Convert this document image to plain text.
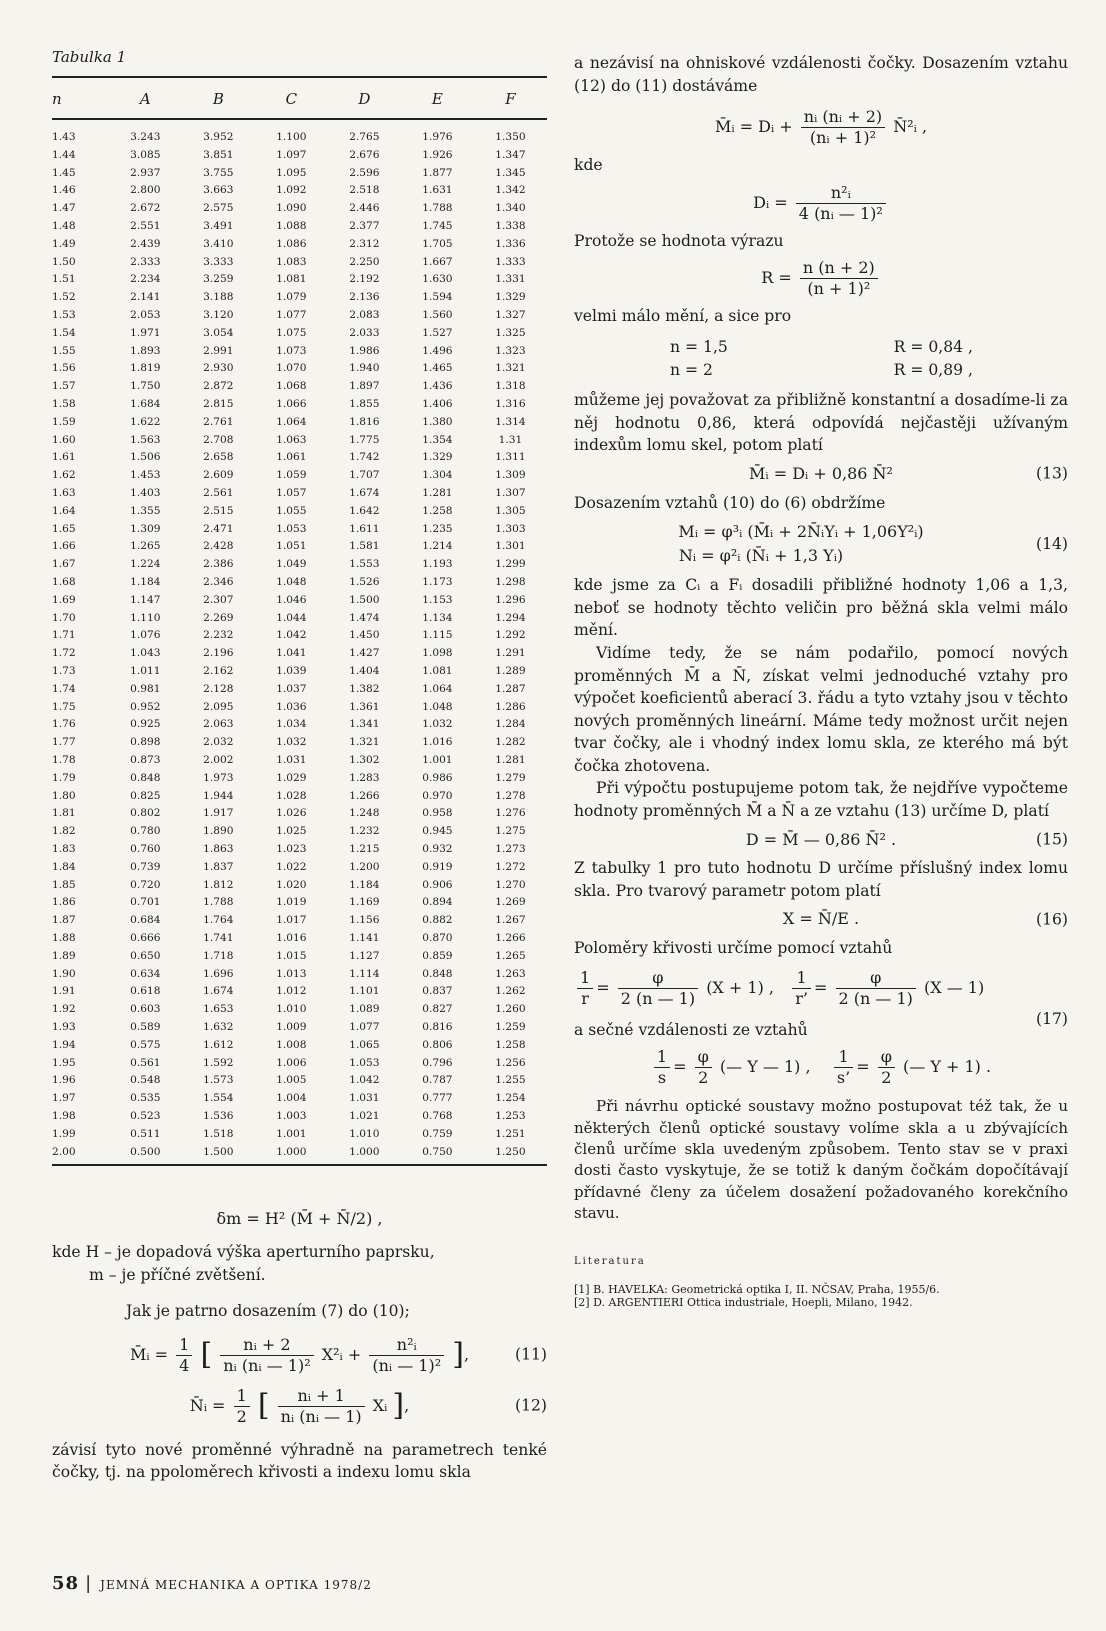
Tabulka 1
n	A	B	C	D	E	F
1.43	3.243	3.952	1.100	2.765	1.976	1.350
1.44	3.085	3.851	1.097	2.676	1.926	1.347
1.45	2.937	3.755	1.095	2.596	1.877	1.345
1.46	2.800	3.663	1.092	2.518	1.631	1.342
1.47	2.672	2.575	1.090	2.446	1.788	1.340
1.48	2.551	3.491	1.088	2.377	1.745	1.338
1.49	2.439	3.410	1.086	2.312	1.705	1.336
1.50	2.333	3.333	1.083	2.250	1.667	1.333
1.51	2.234	3.259	1.081	2.192	1.630	1.331
1.52	2.141	3.188	1.079	2.136	1.594	1.329
1.53	2.053	3.120	1.077	2.083	1.560	1.327
1.54	1.971	3.054	1.075	2.033	1.527	1.325
1.55	1.893	2.991	1.073	1.986	1.496	1.323
1.56	1.819	2.930	1.070	1.940	1.465	1.321
1.57	1.750	2.872	1.068	1.897	1.436	1.318
1.58	1.684	2.815	1.066	1.855	1.406	1.316
1.59	1.622	2.761	1.064	1.816	1.380	1.314
1.60	1.563	2.708	1.063	1.775	1.354	1.31
1.61	1.506	2.658	1.061	1.742	1.329	1.311
1.62	1.453	2.609	1.059	1.707	1.304	1.309
1.63	1.403	2.561	1.057	1.674	1.281	1.307
1.64	1.355	2.515	1.055	1.642	1.258	1.305
1.65	1.309	2.471	1.053	1.611	1.235	1.303
1.66	1.265	2.428	1.051	1.581	1.214	1.301
1.67	1.224	2.386	1.049	1.553	1.193	1.299
1.68	1.184	2.346	1.048	1.526	1.173	1.298
1.69	1.147	2.307	1.046	1.500	1.153	1.296
1.70	1.110	2.269	1.044	1.474	1.134	1.294
1.71	1.076	2.232	1.042	1.450	1.115	1.292
1.72	1.043	2.196	1.041	1.427	1.098	1.291
1.73	1.011	2.162	1.039	1.404	1.081	1.289
1.74	0.981	2.128	1.037	1.382	1.064	1.287
1.75	0.952	2.095	1.036	1.361	1.048	1.286
1.76	0.925	2.063	1.034	1.341	1.032	1.284
1.77	0.898	2.032	1.032	1.321	1.016	1.282
1.78	0.873	2.002	1.031	1.302	1.001	1.281
1.79	0.848	1.973	1.029	1.283	0.986	1.279
1.80	0.825	1.944	1.028	1.266	0.970	1.278
1.81	0.802	1.917	1.026	1.248	0.958	1.276
1.82	0.780	1.890	1.025	1.232	0.945	1.275
1.83	0.760	1.863	1.023	1.215	0.932	1.273
1.84	0.739	1.837	1.022	1.200	0.919	1.272
1.85	0.720	1.812	1.020	1.184	0.906	1.270
1.86	0.701	1.788	1.019	1.169	0.894	1.269
1.87	0.684	1.764	1.017	1.156	0.882	1.267
1.88	0.666	1.741	1.016	1.141	0.870	1.266
1.89	0.650	1.718	1.015	1.127	0.859	1.265
1.90	0.634	1.696	1.013	1.114	0.848	1.263
1.91	0.618	1.674	1.012	1.101	0.837	1.262
1.92	0.603	1.653	1.010	1.089	0.827	1.260
1.93	0.589	1.632	1.009	1.077	0.816	1.259
1.94	0.575	1.612	1.008	1.065	0.806	1.258
1.95	0.561	1.592	1.006	1.053	0.796	1.256
1.96	0.548	1.573	1.005	1.042	0.787	1.255
1.97	0.535	1.554	1.004	1.031	0.777	1.254
1.98	0.523	1.536	1.003	1.021	0.768	1.253
1.99	0.511	1.518	1.001	1.010	0.759	1.251
2.00	0.500	1.500	1.000	1.000	0.750	1.250
δm = H² (M̄ + N̄/2) ,

kde H – je dopadová výška aperturního paprsku,

m – je příčné zvětšení.

Jak je patrno dosazením (7) do (10);

M̄ᵢ = $\frac{1}{4}$ [ $\frac{\text{nᵢ + 2}}{\text{nᵢ (nᵢ — 1)²}}$ X²ᵢ + $\frac{\text{n²ᵢ}}{\text{(nᵢ — 1)²}}$ ],	(11)
N̄ᵢ = $\frac{1}{2}$ [ $\frac{\text{nᵢ + 1}}{\text{nᵢ (nᵢ — 1)}}$ Xᵢ ],	(12)

závisí tyto nové proměnné výhradně na parametrech tenké čočky, tj. na ppoloměrech křivosti a indexu lomu skla

a nezávisí na ohniskové vzdálenosti čočky. Dosazením vztahu (12) do (11) dostáváme

M̄ᵢ = Dᵢ + $\frac{\text{nᵢ (nᵢ + 2)}}{\text{(nᵢ + 1)²}}$ N̄²ᵢ ,

kde

Dᵢ = $\frac{\text{n²ᵢ}}{\text{4 (nᵢ — 1)²}}$

Protože se hodnota výrazu

$R = \frac{n (n + 2)}{\text{(n + 1)²}}$

velmi málo mění, a sice pro

n = 1,5	R = 0,84 ,
n = 2	R = 0,89 ,

můžeme jej považovat za přibližně konstantní a dosadíme-li za něj hodnotu 0,86, která odpovídá nejčastěji užívaným indexům lomu skel, potom platí

M̄ᵢ = Dᵢ + 0,86 N̄²	(13)

Dosazením vztahů (10) do (6) obdržíme

Mᵢ = φ³ᵢ (M̄ᵢ + 2N̄ᵢYᵢ + 1,06Y²ᵢ)
Nᵢ = φ²ᵢ (N̄ᵢ + 1,3 Yᵢ)
(14)

kde jsme za Cᵢ a Fᵢ dosadili přibližné hodnoty 1,06 a 1,3, neboť se hodnoty těchto veličin pro běžná skla velmi málo mění.

Vidíme tedy, že se nám podařilo, pomocí nových proměnných M̄ a N̄, získat velmi jednoduché vztahy pro výpočet koeficientů aberací 3. řádu a tyto vztahy jsou v těchto nových proměnných lineární. Máme tedy možnost určit nejen tvar čočky, ale i vhodný index lomu skla, ze kterého má být čočka zhotovena.

Při výpočtu postupujeme potom tak, že nejdříve vypočteme hodnoty proměnných M̄ a N̄ a ze vztahu (13) určíme D, platí

D = M̄ — 0,86 N̄² .	(15)

Z tabulky 1 pro tuto hodnotu D určíme příslušný index lomu skla. Pro tvarový parametr potom platí

X = N̄/E .	(16)

Poloměry křivosti určíme pomocí vztahů

$\frac{1}{r} = \frac{\varphi}{2 (n — 1)} (X + 1)$ , $\frac{1}{r’} = \frac{\varphi}{2 (n — 1)} (X$ — 1)
(17)

a sečné vzdálenosti ze vztahů

$\frac{1}{s} = \frac{\varphi}{2}$ (— Y — 1) , $\frac{1}{s’} = \frac{\varphi}{2}$ (— Y + 1) .

Při návrhu optické soustavy možno postupovat též tak, že u některých členů optické soustavy volíme skla a u zbývajících členů určíme skla uvedeným způsobem. Tento stav se v praxi dosti často vyskytuje, že se totiž k daným čočkám dopočítávají přídavné členy za účelem dosažení požadovaného korekčního stavu.

Literatura
[1] B. HAVELKA: Geometrická optika I, II. NČSAV, Praha, 1955/6.
[2] D. ARGENTIERI Ottica industriale, Hoepli, Milano, 1942.
58 | JEMNÁ MECHANIKA A OPTIKA 1978/2
